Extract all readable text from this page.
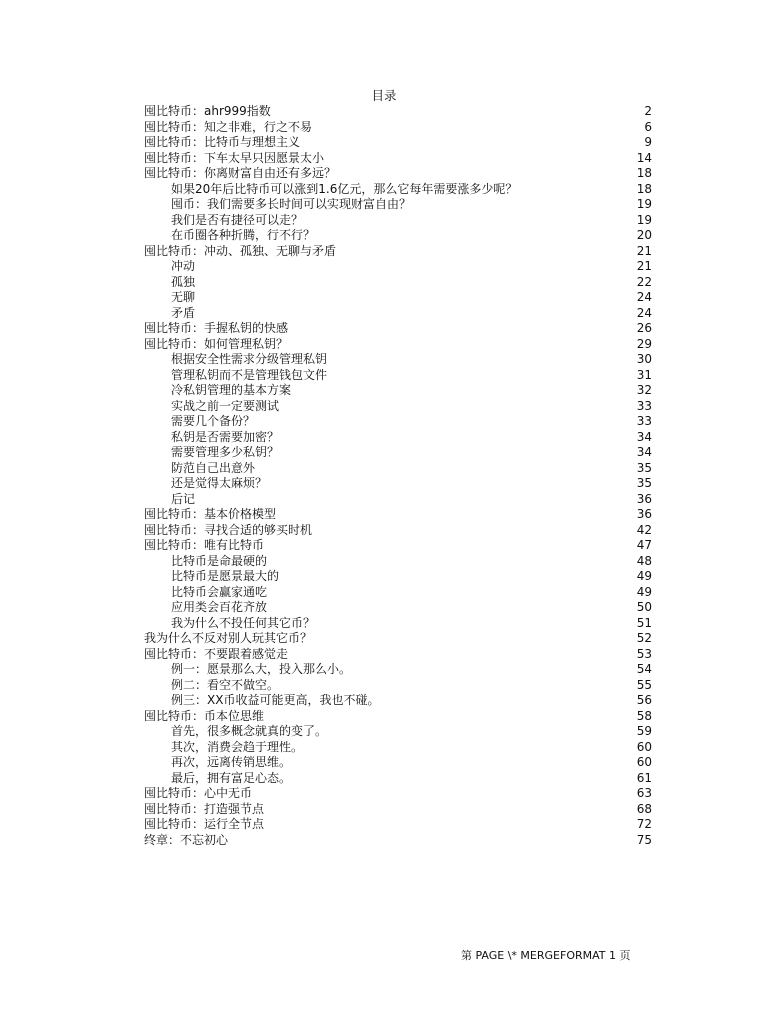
目录
囤比特币：ahr999指数	2
囤比特币：知之非难，行之不易	6
囤比特币：比特币与理想主义	9
囤比特币：下车太早只因愿景太小	14
囤比特币：你离财富自由还有多远？	18
如果20年后比特币可以涨到1.6亿元，那么它每年需要涨多少呢？	18
囤币：我们需要多长时间可以实现财富自由？	19
我们是否有捷径可以走？	19
在币圈各种折腾，行不行？	20
囤比特币：冲动、孤独、无聊与矛盾	21
冲动	21
孤独	22
无聊	24
矛盾	24
囤比特币：手握私钥的快感	26
囤比特币：如何管理私钥？	29
根据安全性需求分级管理私钥	30
管理私钥而不是管理钱包文件	31
冷私钥管理的基本方案	32
实战之前一定要测试	33
需要几个备份？	33
私钥是否需要加密？	34
需要管理多少私钥？	34
防范自己出意外	35
还是觉得太麻烦？	35
后记	36
囤比特币：基本价格模型	36
囤比特币：寻找合适的够买时机	42
囤比特币：唯有比特币	47
比特币是命最硬的	48
比特币是愿景最大的	49
比特币会赢家通吃	49
应用类会百花齐放	50
我为什么不投任何其它币？	51
我为什么不反对别人玩其它币？	52
囤比特币：不要跟着感觉走	53
例一：愿景那么大，投入那么小。	54
例二：看空不做空。	55
例三：XX币收益可能更高，我也不碰。	56
囤比特币：币本位思维	58
首先，很多概念就真的变了。	59
其次，消费会趋于理性。	60
再次，远离传销思维。	60
最后，拥有富足心态。	61
囤比特币：心中无币	63
囤比特币：打造强节点	68
囤比特币：运行全节点	72
终章：不忘初心	75
第 PAGE \* MERGEFORMAT 1 页
